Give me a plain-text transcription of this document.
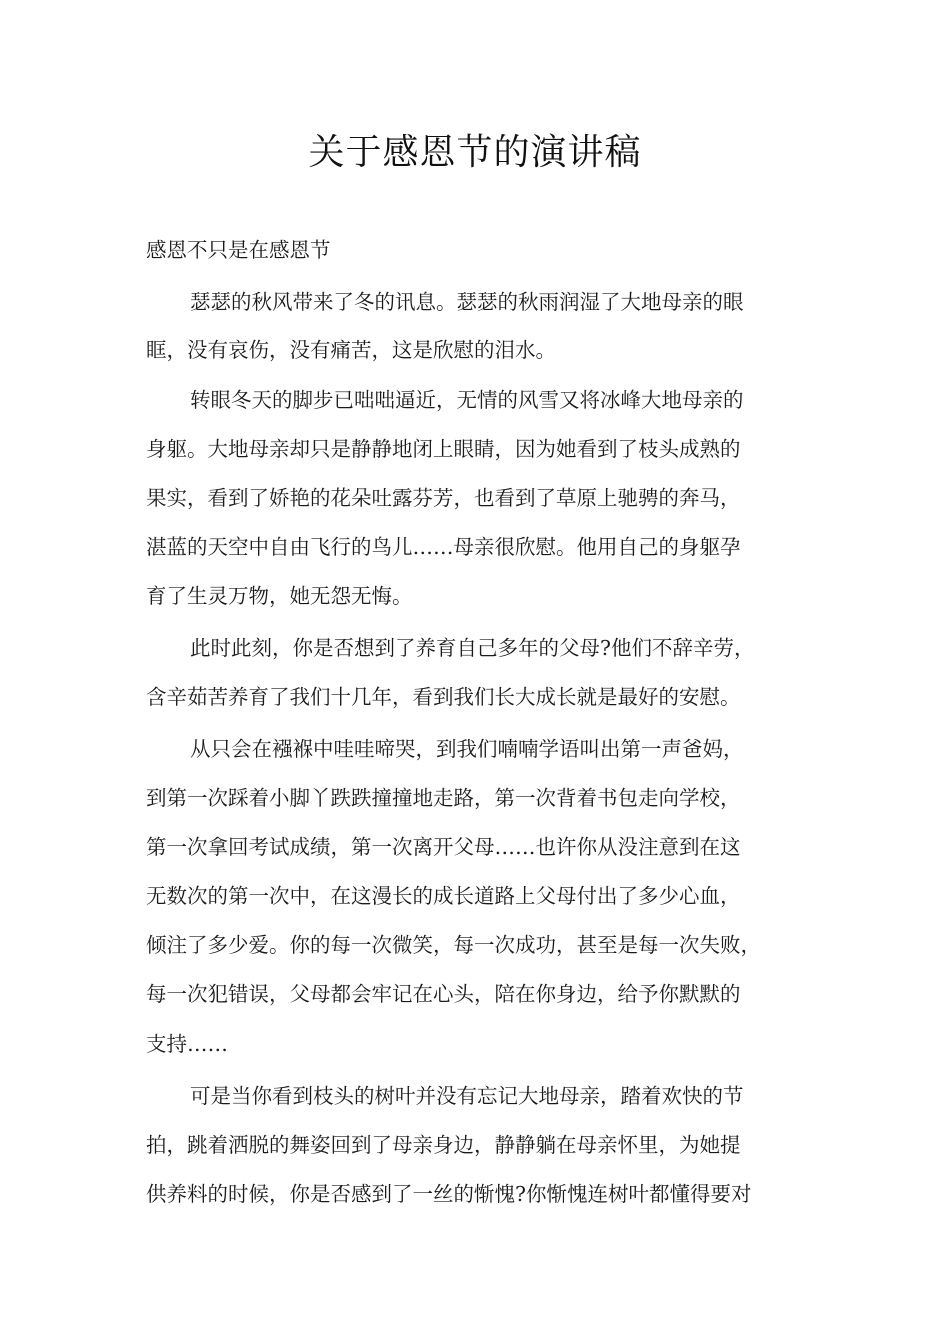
关于感恩节的演讲稿
感恩不只是在感恩节
瑟瑟的秋风带来了冬的讯息。瑟瑟的秋雨润湿了大地母亲的眼
眶，没有哀伤，没有痛苦，这是欣慰的泪水。
转眼冬天的脚步已咄咄逼近，无情的风雪又将冰峰大地母亲的
身躯。大地母亲却只是静静地闭上眼睛，因为她看到了枝头成熟的
果实，看到了娇艳的花朵吐露芬芳，也看到了草原上驰骋的奔马，
湛蓝的天空中自由飞行的鸟儿……母亲很欣慰。他用自己的身躯孕
育了生灵万物，她无怨无悔。
此时此刻，你是否想到了养育自己多年的父母?他们不辞辛劳，
含辛茹苦养育了我们十几年，看到我们长大成长就是最好的安慰。
从只会在襁褓中哇哇啼哭，到我们喃喃学语叫出第一声爸妈，
到第一次踩着小脚丫跌跌撞撞地走路，第一次背着书包走向学校，
第一次拿回考试成绩，第一次离开父母……也许你从没注意到在这
无数次的第一次中，在这漫长的成长道路上父母付出了多少心血，
倾注了多少爱。你的每一次微笑，每一次成功，甚至是每一次失败，
每一次犯错误，父母都会牢记在心头，陪在你身边，给予你默默的
支持……
可是当你看到枝头的树叶并没有忘记大地母亲，踏着欢快的节
拍，跳着洒脱的舞姿回到了母亲身边，静静躺在母亲怀里，为她提
供养料的时候，你是否感到了一丝的惭愧?你惭愧连树叶都懂得要对
